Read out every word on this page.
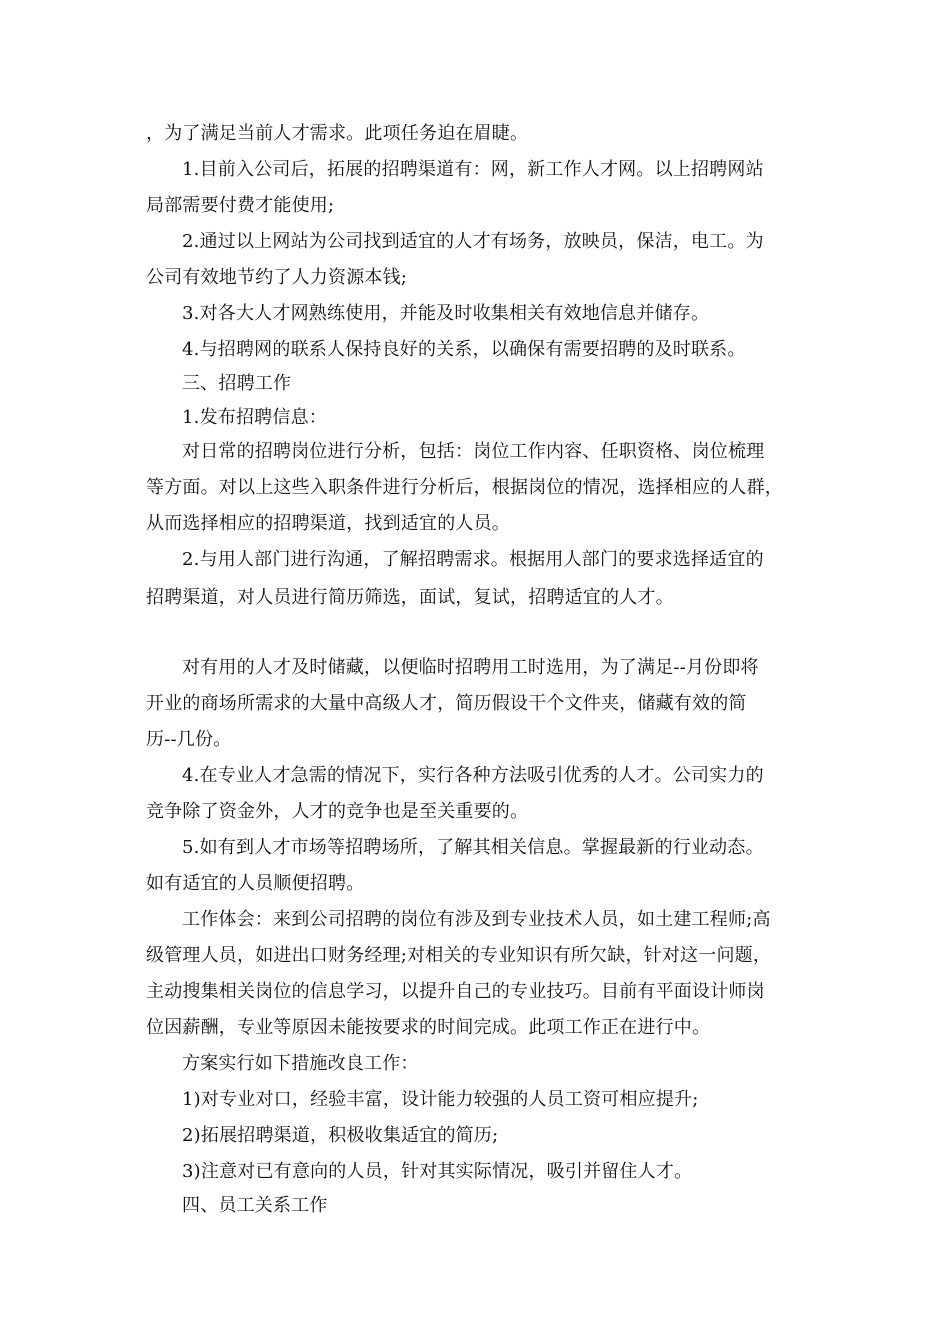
，为了满足当前人才需求。此项任务迫在眉睫。
1.目前入公司后，拓展的招聘渠道有：网，新工作人才网。以上招聘网站
局部需要付费才能使用;
2.通过以上网站为公司找到适宜的人才有场务，放映员，保洁，电工。为
公司有效地节约了人力资源本钱;
3.对各大人才网熟练使用，并能及时收集相关有效地信息并储存。
4.与招聘网的联系人保持良好的关系，以确保有需要招聘的及时联系。
三、招聘工作
1.发布招聘信息：
对日常的招聘岗位进行分析，包括：岗位工作内容、任职资格、岗位梳理
等方面。对以上这些入职条件进行分析后，根据岗位的情况，选择相应的人群，
从而选择相应的招聘渠道，找到适宜的人员。
2.与用人部门进行沟通，了解招聘需求。根据用人部门的要求选择适宜的
招聘渠道，对人员进行简历筛选，面试，复试，招聘适宜的人才。
对有用的人才及时储藏，以便临时招聘用工时选用，为了满足--月份即将
开业的商场所需求的大量中高级人才，简历假设干个文件夹，储藏有效的简
历--几份。
4.在专业人才急需的情况下，实行各种方法吸引优秀的人才。公司实力的
竞争除了资金外，人才的竞争也是至关重要的。
5.如有到人才市场等招聘场所，了解其相关信息。掌握最新的行业动态。
如有适宜的人员顺便招聘。
工作体会：来到公司招聘的岗位有涉及到专业技术人员，如土建工程师;高
级管理人员，如进出口财务经理;对相关的专业知识有所欠缺，针对这一问题，
主动搜集相关岗位的信息学习，以提升自己的专业技巧。目前有平面设计师岗
位因薪酬，专业等原因未能按要求的时间完成。此项工作正在进行中。
方案实行如下措施改良工作：
1)对专业对口，经验丰富，设计能力较强的人员工资可相应提升;
2)拓展招聘渠道，积极收集适宜的简历;
3)注意对已有意向的人员，针对其实际情况，吸引并留住人才。
四、员工关系工作
